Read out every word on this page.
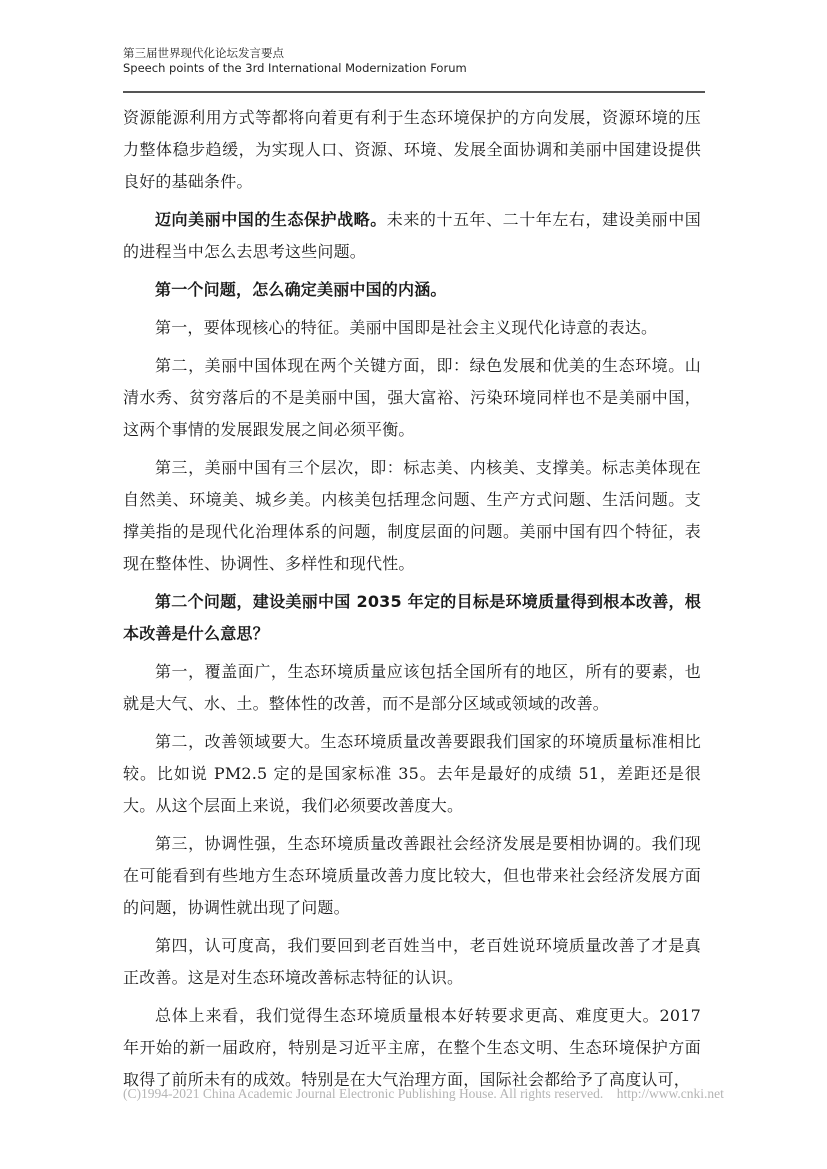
第三届世界现代化论坛发言要点
Speech points of the 3rd International Modernization Forum

资源能源利用方式等都将向着更有利于生态环境保护的方向发展，资源环境的压力整体稳步趋缓，为实现人口、资源、环境、发展全面协调和美丽中国建设提供良好的基础条件。

迈向美丽中国的生态保护战略。未来的十五年、二十年左右，建设美丽中国的进程当中怎么去思考这些问题。

第一个问题，怎么确定美丽中国的内涵。

第一，要体现核心的特征。美丽中国即是社会主义现代化诗意的表达。

第二，美丽中国体现在两个关键方面，即：绿色发展和优美的生态环境。山清水秀、贫穷落后的不是美丽中国，强大富裕、污染环境同样也不是美丽中国，这两个事情的发展跟发展之间必须平衡。

第三，美丽中国有三个层次，即：标志美、内核美、支撑美。标志美体现在自然美、环境美、城乡美。内核美包括理念问题、生产方式问题、生活问题。支撑美指的是现代化治理体系的问题，制度层面的问题。美丽中国有四个特征，表现在整体性、协调性、多样性和现代性。

第二个问题，建设美丽中国 2035 年定的目标是环境质量得到根本改善，根本改善是什么意思？

第一，覆盖面广，生态环境质量应该包括全国所有的地区，所有的要素，也就是大气、水、土。整体性的改善，而不是部分区域或领域的改善。

第二，改善领域要大。生态环境质量改善要跟我们国家的环境质量标准相比较。比如说 PM2.5 定的是国家标准 35。去年是最好的成绩 51，差距还是很大。从这个层面上来说，我们必须要改善度大。

第三，协调性强，生态环境质量改善跟社会经济发展是要相协调的。我们现在可能看到有些地方生态环境质量改善力度比较大，但也带来社会经济发展方面的问题，协调性就出现了问题。

第四，认可度高，我们要回到老百姓当中，老百姓说环境质量改善了才是真正改善。这是对生态环境改善标志特征的认识。

总体上来看，我们觉得生态环境质量根本好转要求更高、难度更大。2017 年开始的新一届政府，特别是习近平主席，在整个生态文明、生态环境保护方面取得了前所未有的成效。特别是在大气治理方面，国际社会都给予了高度认可，

(C)1994-2021 China Academic Journal Electronic Publishing House. All rights reserved. http://www.cnki.net
